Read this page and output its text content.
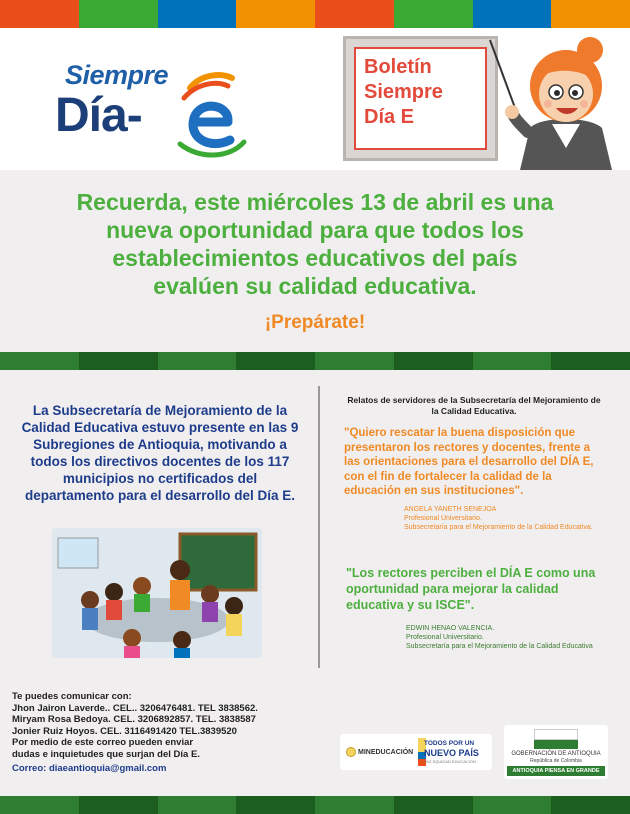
Siempre
Día-
Boletín
Siempre
Día E
Recuerda, este miércoles 13 de abril es una
nueva oportunidad para que todos los
establecimientos educativos del país
evalúen su calidad educativa.
¡Prepárate!
La Subsecretaría de Mejoramiento de la
Calidad Educativa estuvo presente en las 9
Subregiones de Antioquia, motivando a
todos los directivos docentes de los 117
municipios no certificados del
departamento para el desarrollo del Día E.
Relatos de servidores de la Subsecretaría del Mejoramiento de
la Calidad Educativa.
"Quiero rescatar la buena disposición que
presentaron los rectores y docentes, frente a
las orientaciones para el desarrollo del DÍA E,
con el fin de fortalecer la calidad de la
educación en sus instituciones".
ANGELA YANETH SENEJOA
Profesional Universitario.
Subsecretaría para el Mejoramiento de la Calidad Educativa.
"Los rectores perciben el DÍA E como una
oportunidad para mejorar la calidad
educativa y su ISCE".
EDWIN HENAO VALENCIA.
Profesional Universitario.
Subsecretaría para el Mejoramiento de la Calidad Educativa
Te puedes comunicar con:
Jhon Jairon Laverde.. CEL.. 3206476481. TEL 3838562.
Miryam Rosa Bedoya. CEL. 3206892857. TEL. 3838587
Jonier Ruiz Hoyos. CEL. 3116491420 TEL.3839520
Por medio de este correo pueden enviar
dudas e inquietudes que surjan del Día E.
Correo: diaeantioquia@gmail.com
MINEDUCACIÓN
TODOS POR UN
NUEVO PAÍS
PAZ EQUIDAD EDUCACIÓN
GOBERNACIÓN DE ANTIOQUIA
República de Colombia
ANTIOQUIA PIENSA EN GRANDE
